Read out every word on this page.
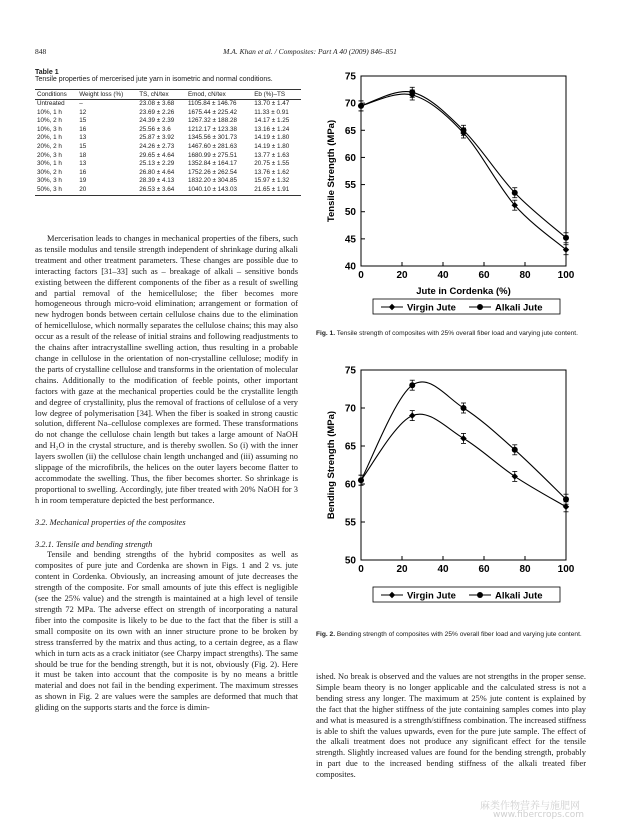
848	M.A. Khan et al. / Composites: Part A 40 (2009) 846–851
Table 1
Tensile properties of mercerised jute yarn in isometric and normal conditions.
Conditions	Weight loss (%)	TS, cN/tex	Emod, cN/tex	Eb (%)–TS
Untreated	–	23.08 ± 3.68	1105.84 ± 146.76	13.70 ± 1.47
10%, 1 h	12	23.69 ± 2.26	1675.44 ± 225.42	11.33 ± 0.91
10%, 2 h	15	24.39 ± 2.39	1267.32 ± 188.28	14.17 ± 1.25
10%, 3 h	16	25.56 ± 3.6	1212.17 ± 123.38	13.16 ± 1.24
20%, 1 h	13	25.87 ± 3.92	1345.56 ± 301.73	14.19 ± 1.80
20%, 2 h	15	24.26 ± 2.73	1467.60 ± 281.63	14.19 ± 1.80
20%, 3 h	18	29.65 ± 4.64	1680.99 ± 275.51	13.77 ± 1.63
30%, 1 h	13	25.13 ± 2.29	1352.84 ± 164.17	20.75 ± 1.55
30%, 2 h	16	26.80 ± 4.64	1752.26 ± 262.54	13.76 ± 1.62
30%, 3 h	19	28.39 ± 4.13	1832.20 ± 304.85	15.97 ± 1.32
50%, 3 h	20	26.53 ± 3.64	1040.10 ± 143.03	21.65 ± 1.91

Mercerisation leads to changes in mechanical properties of the fibers, such as tensile modulus and tensile strength independent of shrinkage during alkali treatment and other treatment parameters. These changes are possible due to interacting factors [31–33] such as – breakage of alkali – sensitive bonds existing between the different components of the fiber as a result of swelling and partial removal of the hemicellulose; the fiber becomes more homogeneous through micro-void elimination; arrangement or formation of new hydrogen bonds between certain cellulose chains due to the elimination of hemicellulose, which normally separates the cellulose chains; this may also occur as a result of the release of initial strains and following readjustments to the chains after intracrystalline swelling action, thus resulting in a probable change in cellulose in the orientation of non-crystalline cellulose; modify in the parts of crystalline cellulose and transforms in the orientation of molecular chains. Additionally to the modification of feeble points, other important factors with gaze at the mechanical properties could be the crystallite length and degree of crystallinity, plus the removal of fractions of cellulose of a very low degree of polymerisation [34]. When the fiber is soaked in strong caustic solution, different Na–cellulose complexes are formed. These transformations do not change the cellulose chain length but takes a large amount of NaOH and H₂O in the crystal structure, and is thereby swollen. So (i) with the inner layers swollen (ii) the cellulose chain length unchanged and (iii) assuming no slippage of the microfibrils, the helices on the outer layers become flatter to accommodate the swelling. Thus, the fiber becomes shorter. So shrinkage is proportional to swelling. Accordingly, jute fiber treated with 20% NaOH for 3 h in room temperature depicted the best performance.

3.2. Mechanical properties of the composites
3.2.1. Tensile and bending strength

Tensile and bending strengths of the hybrid composites as well as composites of pure jute and Cordenka are shown in Figs. 1 and 2 vs. jute content in Cordenka. Obviously, an increasing amount of jute decreases the strength of the composite. For small amounts of jute this effect is negligible (see the 25% value) and the strength is maintained at a high level of tensile strength 72 MPa. The adverse effect on strength of incorporating a natural fiber into the composite is likely to be due to the fact that the fiber is still a small composite on its own with an inner structure prone to be broken by stress transferred by the matrix and thus acting, to a certain degree, as a flaw which in turn acts as a crack initiator (see Charpy impact strengths). The same should be true for the bending strength, but it is not, obviously (Fig. 2). Here it must be taken into account that the composite is by no means a brittle material and does not fail in the bending experiment. The maximum stresses as shown in Fig. 2 are values were the samples are deformed that much that gliding on the supports starts and the force is dimin-

40
45
50
55
60
65
70
75
0	20	40	60	80	100
Tensile Strength (MPa)
Jute in Cordenka (%)
Virgin Jute	Alkali Jute
Fig. 1. Tensile strength of composites with 25% overall fiber load and varying jute content.
50
55
60
65
70
75
0	20	40	60	80	100
Bending Strength (MPa)
Virgin Jute	Alkali Jute
Fig. 2. Bending strength of composites with 25% overall fiber load and varying jute content.
ished. No break is observed and the values are not strengths in the proper sense. Simple beam theory is no longer applicable and the calculated stress is not a bending stress any longer. The maximum at 25% jute content is explained by the fact that the higher stiffness of the jute containing samples comes into play and what is measured is a strength/stiffness combination. The increased stiffness is able to shift the values upwards, even for the pure jute sample. The effect of the alkali treatment does not produce any significant effect for the tensile strength. Slightly increased values are found for the bending strength, probably in part due to the increased bending stiffness of the alkali treated fiber composites.
麻类作物营养与施肥网
www.fibercrops.com
